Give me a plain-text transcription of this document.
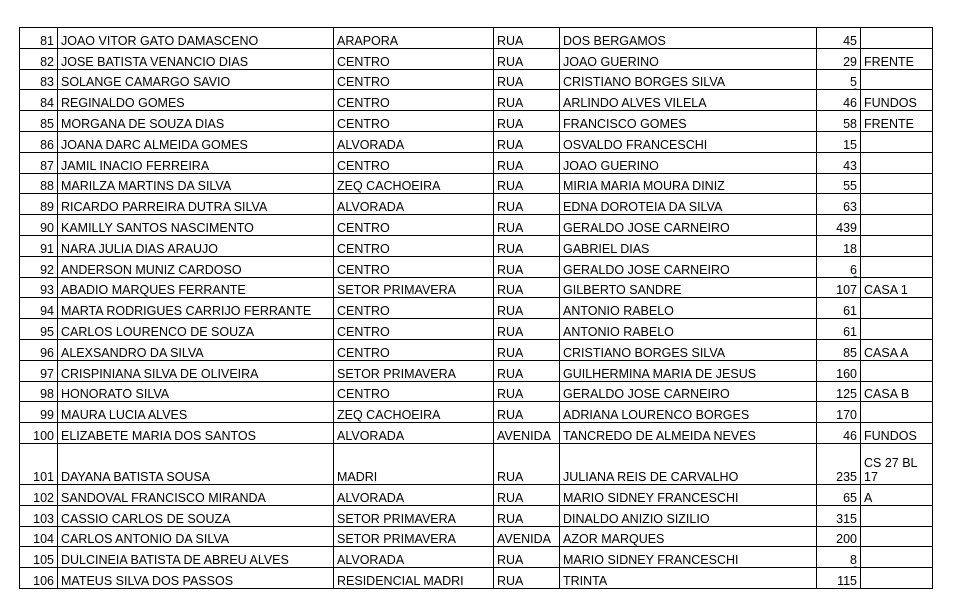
81	JOAO VITOR GATO DAMASCENO	ARAPORA	RUA	DOS BERGAMOS	45	
82	JOSE BATISTA VENANCIO DIAS	CENTRO	RUA	JOAO GUERINO	29	FRENTE
83	SOLANGE CAMARGO SAVIO	CENTRO	RUA	CRISTIANO BORGES SILVA	5	
84	REGINALDO GOMES	CENTRO	RUA	ARLINDO ALVES VILELA	46	FUNDOS
85	MORGANA DE SOUZA DIAS	CENTRO	RUA	FRANCISCO GOMES	58	FRENTE
86	JOANA DARC ALMEIDA GOMES	ALVORADA	RUA	OSVALDO FRANCESCHI	15	
87	JAMIL INACIO FERREIRA	CENTRO	RUA	JOAO GUERINO	43	
88	MARILZA MARTINS DA SILVA	ZEQ CACHOEIRA	RUA	MIRIA MARIA MOURA DINIZ	55	
89	RICARDO PARREIRA DUTRA SILVA	ALVORADA	RUA	EDNA DOROTEIA DA SILVA	63	
90	KAMILLY SANTOS NASCIMENTO	CENTRO	RUA	GERALDO JOSE CARNEIRO	439	
91	NARA JULIA DIAS ARAUJO	CENTRO	RUA	GABRIEL DIAS	18	
92	ANDERSON MUNIZ CARDOSO	CENTRO	RUA	GERALDO JOSE CARNEIRO	6	
93	ABADIO MARQUES FERRANTE	SETOR PRIMAVERA	RUA	GILBERTO SANDRE	107	CASA 1
94	MARTA RODRIGUES CARRIJO FERRANTE	CENTRO	RUA	ANTONIO RABELO	61	
95	CARLOS LOURENCO DE SOUZA	CENTRO	RUA	ANTONIO RABELO	61	
96	ALEXSANDRO DA SILVA	CENTRO	RUA	CRISTIANO BORGES SILVA	85	CASA A
97	CRISPINIANA SILVA DE OLIVEIRA	SETOR PRIMAVERA	RUA	GUILHERMINA MARIA DE JESUS	160	
98	HONORATO SILVA	CENTRO	RUA	GERALDO JOSE CARNEIRO	125	CASA B
99	MAURA LUCIA ALVES	ZEQ CACHOEIRA	RUA	ADRIANA LOURENCO BORGES	170	
100	ELIZABETE MARIA DOS SANTOS	ALVORADA	AVENIDA	TANCREDO DE ALMEIDA NEVES	46	FUNDOS
101	DAYANA BATISTA SOUSA	MADRI	RUA	JULIANA REIS DE CARVALHO	235	CS 27 BL 17
102	SANDOVAL FRANCISCO MIRANDA	ALVORADA	RUA	MARIO SIDNEY FRANCESCHI	65	A
103	CASSIO CARLOS DE SOUZA	SETOR PRIMAVERA	RUA	DINALDO ANIZIO SIZILIO	315	
104	CARLOS ANTONIO DA SILVA	SETOR PRIMAVERA	AVENIDA	AZOR MARQUES	200	
105	DULCINEIA BATISTA DE ABREU ALVES	ALVORADA	RUA	MARIO SIDNEY FRANCESCHI	8	
106	MATEUS SILVA DOS PASSOS	RESIDENCIAL MADRI	RUA	TRINTA	115	
